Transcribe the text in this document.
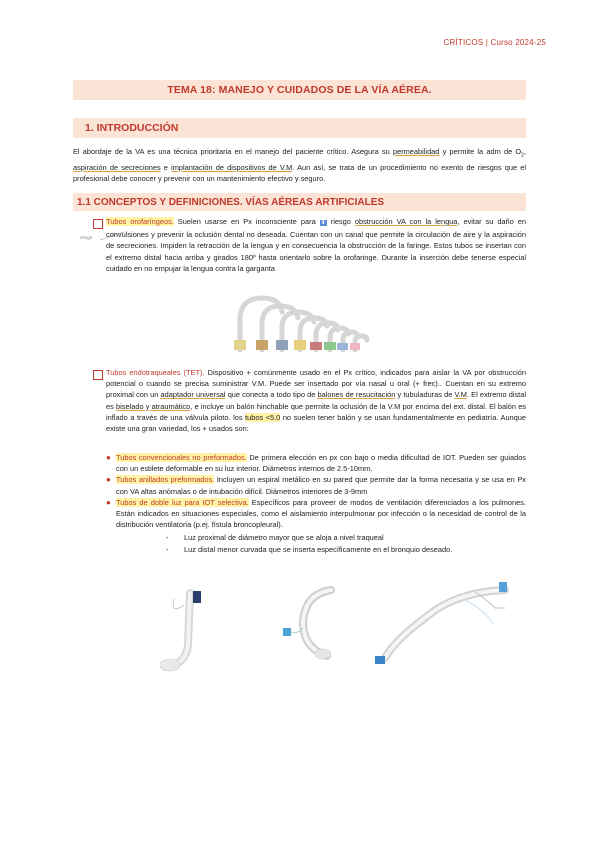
CRÍTICOS | Curso 2024-25
TEMA 18: MANEJO Y CUIDADOS DE LA VÍA AÉREA.
1. INTRODUCCIÓN
El abordaje de la VA es una técnica prioritaria en el manejo del paciente crítico. Asegura su permeabilidad y permite la adm de $O_2$, aspiración de secreciones e implantación de dispositivos de V.M. Aun así, se trata de un procedimiento no exento de riesgos que el profesional debe conocer y prevenir con un mantenimiento efectivo y seguro.
1.1 CONCEPTOS Y DEFINICIONES. VÍAS AÉREAS ARTIFICIALES
riesgo
Tubos orofaríngeos. Suelen usarse en Px inconsciente para ⬇ riesgo obstrucción VA con la lengua, evitar su daño en convulsiones y prevenir la oclusión dental no deseada. Cuentan con un canal que permite la circulación de aire y la aspiración de secreciones. Impiden la retracción de la lengua y en consecuencia la obstrucción de la faringe. Estos tubos se insertan con el extremo distal hacia arriba y girados 180º hasta orientarlo sobre la orofaringe. Durante la inserción debe tenerse especial cuidado en no empujar la lengua contra la garganta
Tubos endotraqueales (TET). Dispositivo + comúnmente usado en el Px crítico, indicados para aislar la VA por obstrucción potencial o cuando se precisa suministrar V.M. Puede ser insertado por vía nasal u oral (+ frec).. Cuentan en su extremo proximal con un adaptador universal que conecta a todo tipo de balones de resucitación y tubuladuras de V.M. El extremo distal es biselado y atraumático, e incluye un balón hinchable que permite la oclusión de la V.M por encima del ext. distal. El balón es inflado a través de una válvula piloto. los tubos <5.0 no suelen tener balón y se usan fundamentalmente en pediatría. Aunque existe una gran variedad, los + usados son:
● Tubos convencionales no preformados. De primera elección en px con bajo o media dificultad de IOT. Pueden ser guiados con un estilete deformable en su luz interior. Diámetros internos de 2.5-10mm.
● Tubos anillados preformados. Incluyen un espiral metálico en su pared que permite dar la forma necesaria y se usa en Px con VA altas anómalas o de intubación difícil. Diámetros interiores de 3-9mm
● Tubos de doble luz para IOT selectiva. Específicos para proveer de modos de ventilación diferenciados a los pulmones. Están indicados en situaciones especiales, como el aislamiento interpulmonar por infección o la necesidad de control de la distribución ventilatoria (p.ej. fístula broncopleural).
- Luz proximal de diámetro mayor que se aloja a nivel traqueal
- Luz distal menor curvada que se inserta específicamente en el bronquio deseado.
